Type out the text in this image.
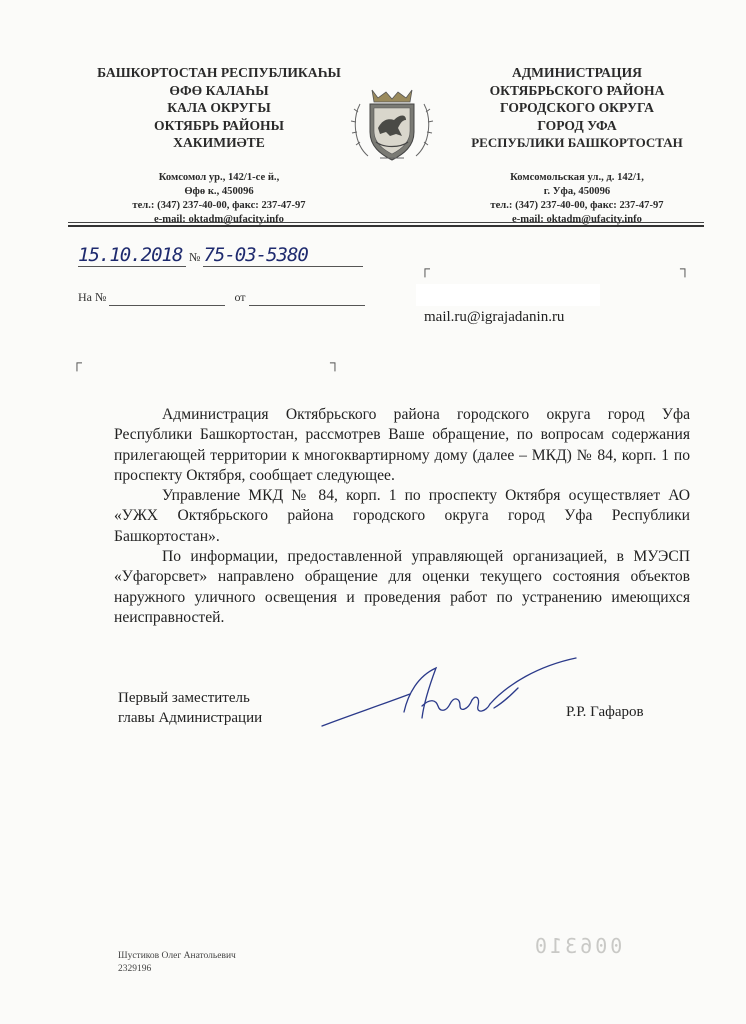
БАШКОРТОСТАН РЕСПУБЛИКАҺЫ
ӨФӨ КАЛАҺЫ
КАЛА ОКРУГЫ
ОКТЯБРЬ РАЙОНЫ
ХАКИМИӘТЕ
Комсомол ур., 142/1-се й.,
Өфө к., 450096
тел.: (347) 237-40-00, факс: 237-47-97
e-mail: oktadm@ufacity.info
АДМИНИСТРАЦИЯ
ОКТЯБРЬСКОГО РАЙОНА
ГОРОДСКОГО ОКРУГА
ГОРОД УФА
РЕСПУБЛИКИ БАШКОРТОСТАН
Комсомольская ул., д. 142/1,
г. Уфа, 450096
тел.: (347) 237-40-00, факс: 237-47-97
e-mail: oktadm@ufacity.info
15.10.2018 № 75-03-5380
На №	от
┌	┐
┌	┐
mail.ru@igrajadanin.ru

Администрация Октябрьского района городского округа город Уфа Республики Башкортостан, рассмотрев Ваше обращение, по вопросам содержания прилегающей территории к многоквартирному дому (далее – МКД) № 84, корп. 1 по проспекту Октября, сообщает следующее.

Управление МКД № 84, корп. 1 по проспекту Октября осуществляет АО «УЖХ Октябрьского района городского округа город Уфа Республики Башкортостан».

По информации, предоставленной управляющей организацией, в МУЭСП «Уфагорсвет» направлено обращение для оценки текущего состояния объектов наружного уличного освещения и проведения работ по устранению имеющихся неисправностей.

Первый заместитель
главы Администрации	Р.Р. Гафаров
Шустиков Олег Анатольевич
2329196
006310
